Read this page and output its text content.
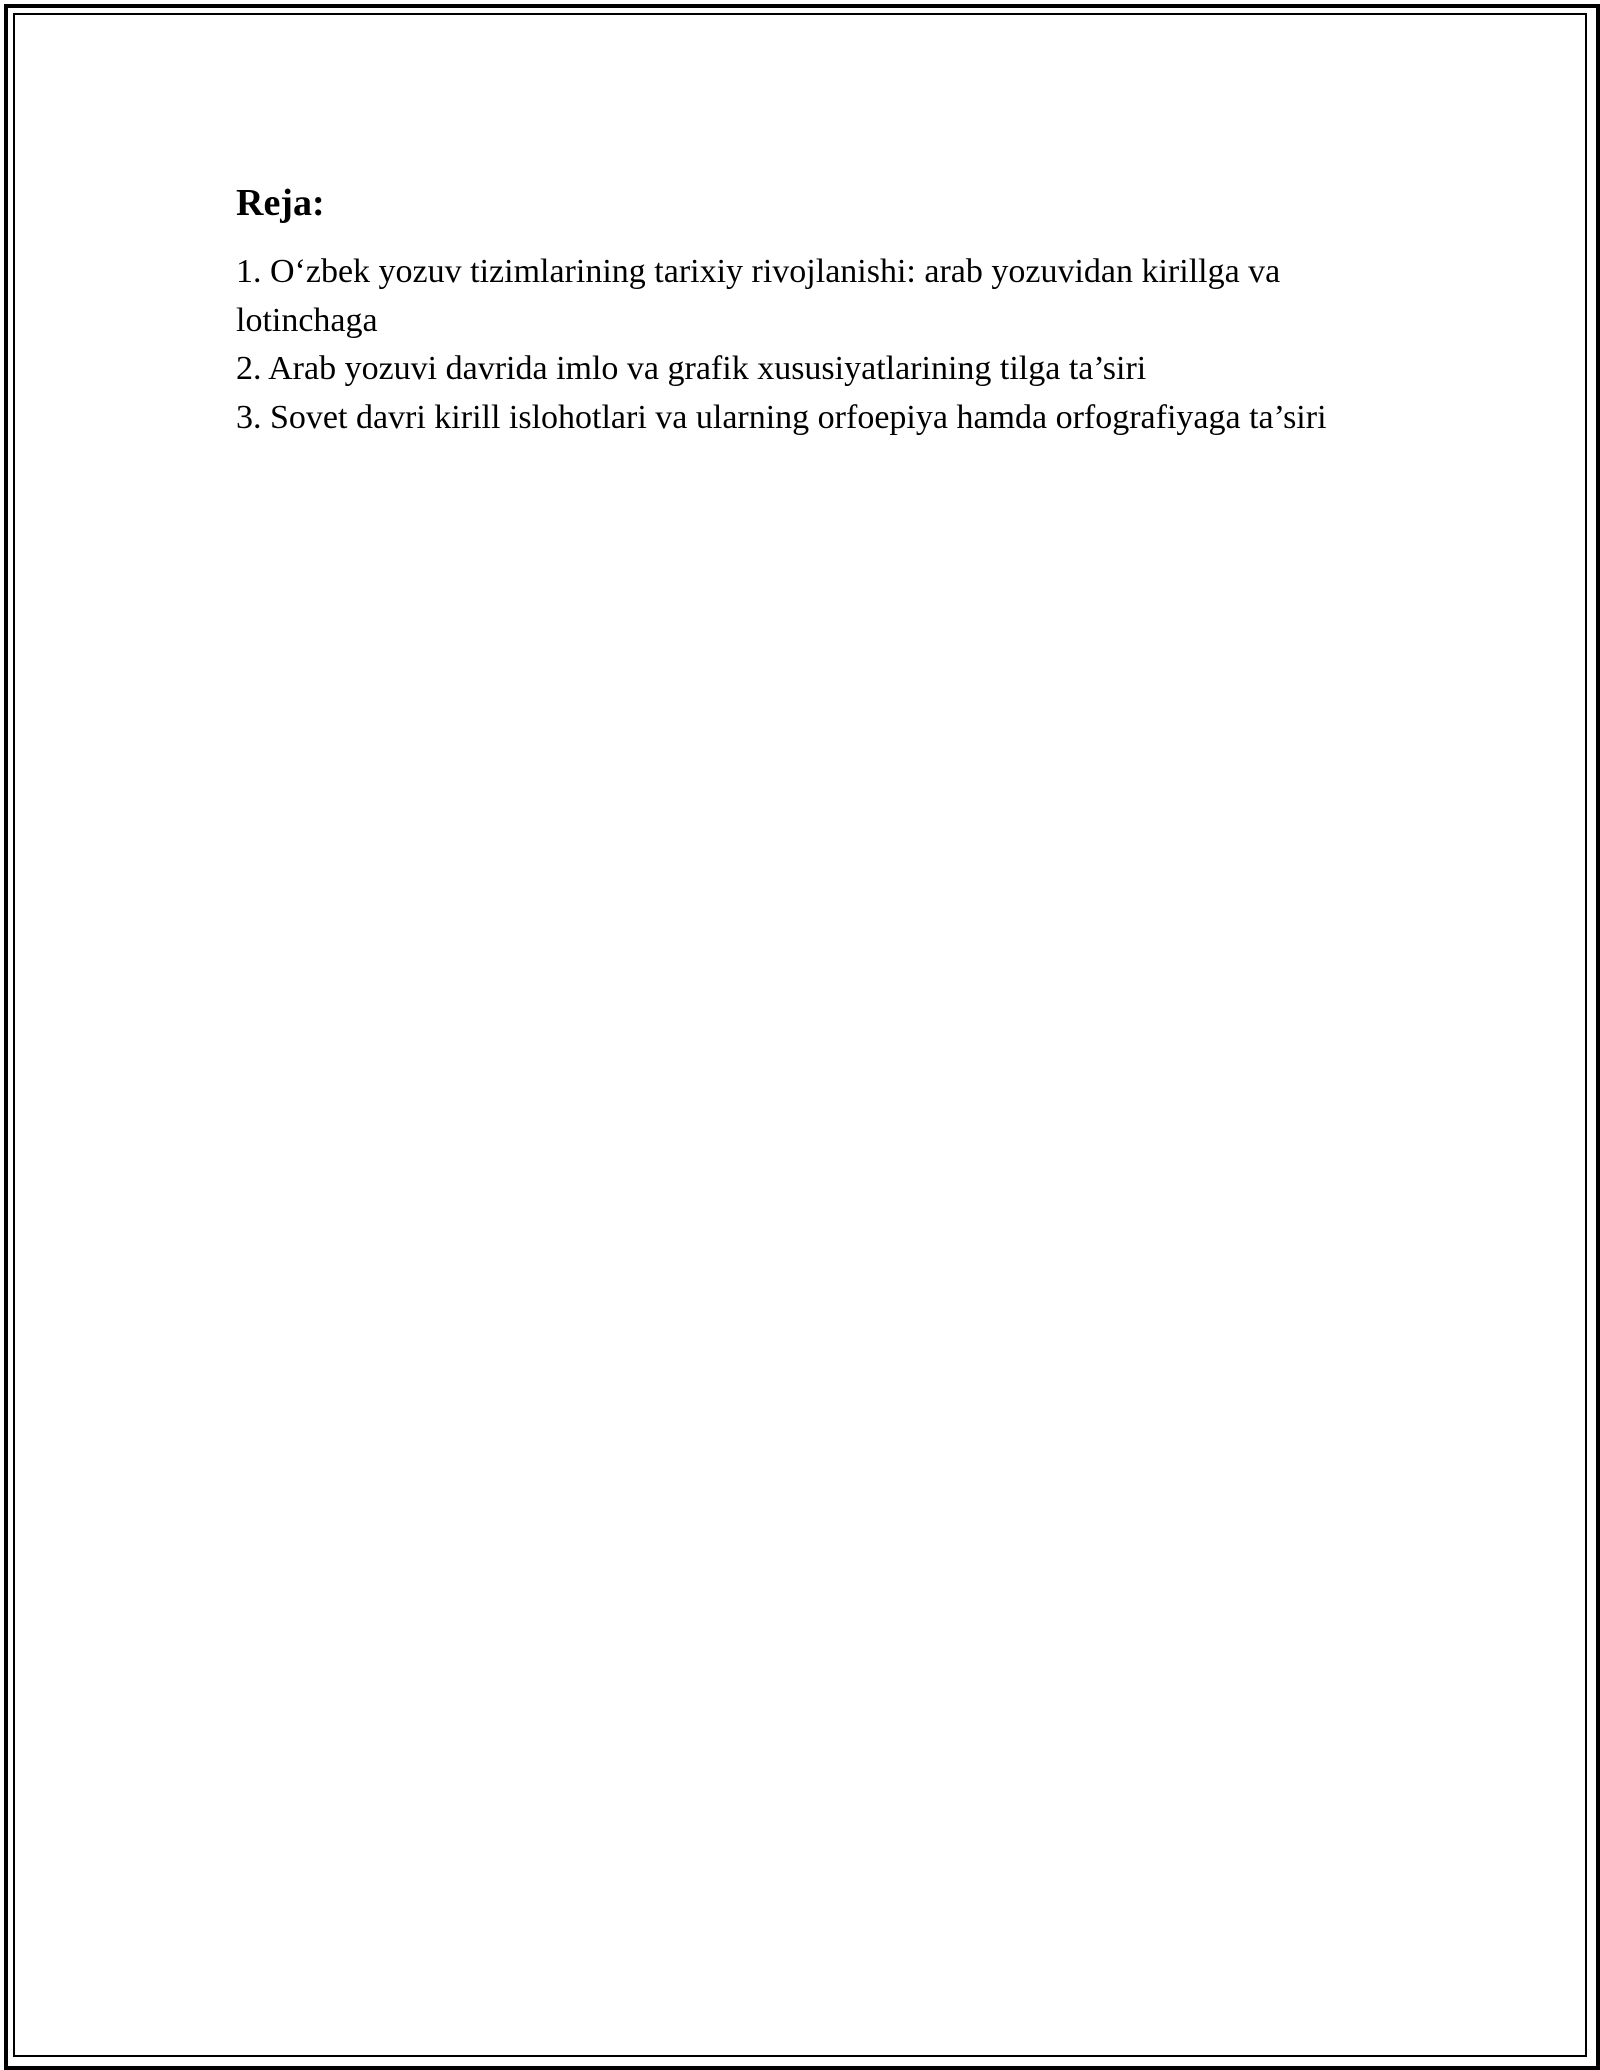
Reja:
1. O‘zbek yozuv tizimlarining tarixiy rivojlanishi: arab yozuvidan kirillga va lotinchaga
2. Arab yozuvi davrida imlo va grafik xususiyatlarining tilga ta’siri
3. Sovet davri kirill islohotlari va ularning orfoepiya hamda orfografiyaga ta’siri
